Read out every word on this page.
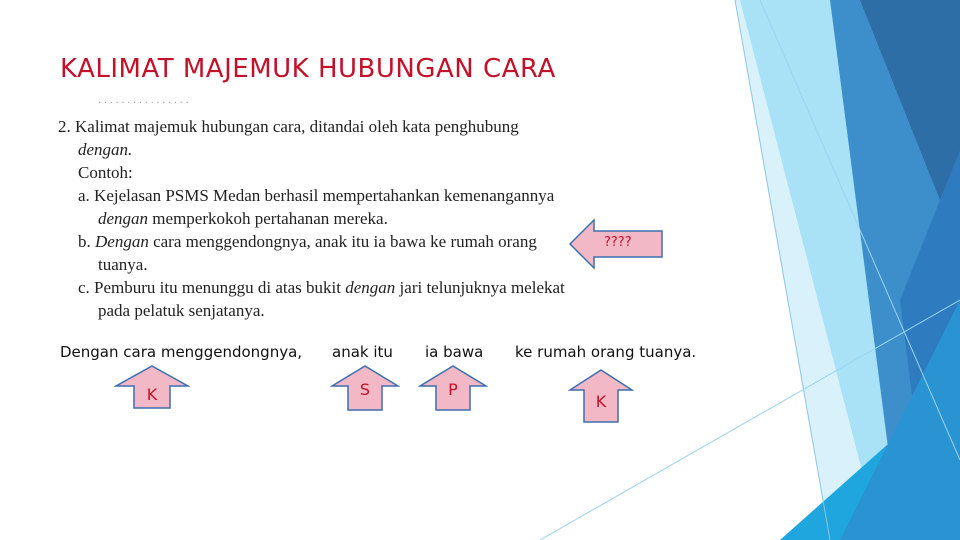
KALIMAT MAJEMUK HUBUNGAN CARA
· · · · · · · · · · · · · · · ·
2. Kalimat majemuk hubungan cara, ditandai oleh kata penghubung
dengan.
Contoh:
a. Kejelasan PSMS Medan berhasil mempertahankan kemenangannya
dengan memperkokoh pertahanan mereka.
b. Dengan cara menggendongnya, anak itu ia bawa ke rumah orang
tuanya.
c. Pemburu itu menunggu di atas bukit dengan jari telunjuknya melekat
pada pelatuk senjatanya.
????
Dengan cara menggendongnya, anak itu ia bawa ke rumah orang tuanya.
K	S	P
K
